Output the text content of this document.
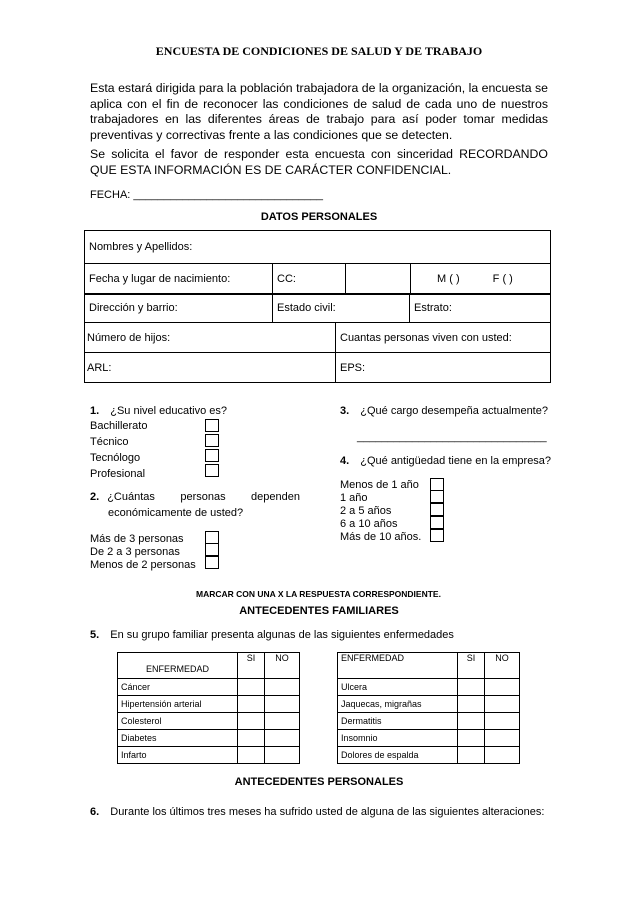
ENCUESTA DE CONDICIONES DE SALUD Y DE TRABAJO
Esta estará dirigida para la población trabajadora de la organización, la encuesta se aplica con el fin de reconocer las condiciones de salud de cada uno de nuestros trabajadores en las diferentes áreas de trabajo para así poder tomar medidas preventivas y correctivas frente a las condiciones que se detecten.
Se solicita el favor de responder esta encuesta con sinceridad RECORDANDO QUE ESTA INFORMACIÓN ES DE CARÁCTER CONFIDENCIAL.
FECHA: _______________________________
DATOS PERSONALES
Nombres y Apellidos:
Fecha y lugar de nacimiento:	CC:		M ( )	F ( )
Dirección y barrio:	Estado civil:	Estrato:
Número de hijos:	Cuantas personas viven con usted:
ARL:	EPS:
1. ¿Su nivel educativo es?
Bachillerato
Técnico
Tecnólogo
Profesional
2. ¿Cuántas personas dependen
económicamente de usted?
Más de 3 personas
De 2 a 3 personas
Menos de 2 personas
3. ¿Qué cargo desempeña actualmente?
_______________________________
4. ¿Qué antigüedad tiene en la empresa?
Menos de 1 año
1 año
2 a 5 años
6 a 10 años
Más de 10 años.
MARCAR CON UNA X LA RESPUESTA CORRESPONDIENTE.
ANTECEDENTES FAMILIARES
5. En su grupo familiar presenta algunas de las siguientes enfermedades
ENFERMEDAD	SI	NO
Cáncer		
Hipertensión arterial		
Colesterol		
Diabetes		
Infarto		
ENFERMEDAD	SI	NO
Ulcera		
Jaquecas, migrañas		
Dermatitis		
Insomnio		
Dolores de espalda		
ANTECEDENTES PERSONALES
6. Durante los últimos tres meses ha sufrido usted de alguna de las siguientes alteraciones:
